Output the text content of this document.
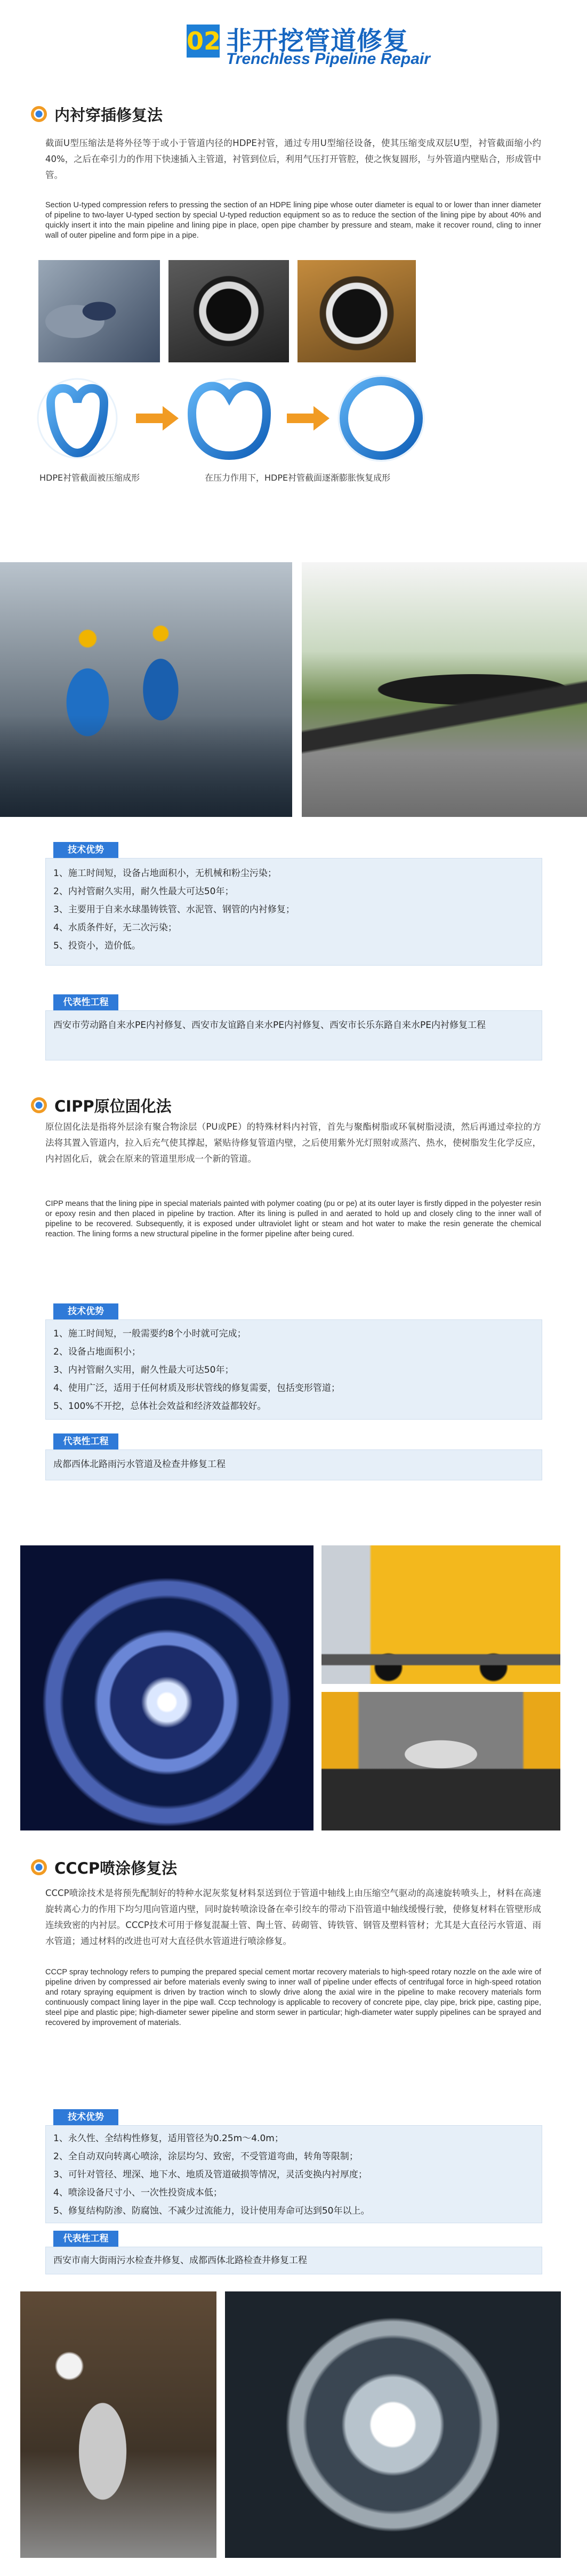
02 非开挖管道修复
Trenchless Pipeline Repair
内衬穿插修复法
截面U型压缩法是将外径等于或小于管道内径的HDPE衬管，通过专用U型缩径设备，使其压缩变成双层U型，衬管截面缩小约40%，之后在牵引力的作用下快速插入主管道，衬管到位后，利用气压打开管腔，使之恢复圆形，与外管道内壁贴合，形成管中管。
Section U-typed compression refers to pressing the section of an HDPE lining pipe whose outer diameter is equal to or lower than inner diameter of pipeline to two-layer U-typed section by special U-typed reduction equipment so as to reduce the section of the lining pipe by about 40% and quickly insert it into the main pipeline and lining pipe in place, open pipe chamber by pressure and steam, make it recover round, cling to inner wall of outer pipeline and form pipe in a pipe.
HDPE衬管截面被压缩成形	在压力作用下，HDPE衬管截面逐渐膨胀恢复成形
技术优势
1、施工时间短，设备占地面积小，无机械和粉尘污染；
2、内衬管耐久实用，耐久性最大可达50年；
3、主要用于自来水球墨铸铁管、水泥管、钢管的内衬修复；
4、水质条件好，无二次污染；
5、投资小，造价低。
代表性工程
西安市劳动路自来水PE内衬修复、西安市友谊路自来水PE内衬修复、西安市长乐东路自来水PE内衬修复工程
CIPP原位固化法
原位固化法是指将外层涂有聚合物涂层（PU或PE）的特殊材料内衬管，首先与聚酯树脂或环氧树脂浸渍，然后再通过牵拉的方法将其置入管道内，拉入后充气使其撑起，紧贴待修复管道内壁，之后使用紫外光灯照射或蒸汽、热水，使树脂发生化学反应，内衬固化后，就会在原来的管道里形成一个新的管道。
CIPP means that the lining pipe in special materials painted with polymer coating (pu or pe) at its outer layer is firstly dipped in the polyester resin or epoxy resin and then placed in pipeline by traction. After its lining is pulled in and aerated to hold up and closely cling to the inner wall of pipeline to be recovered. Subsequently, it is exposed under ultraviolet light or steam and hot water to make the resin generate the chemical reaction. The lining forms a new structural pipeline in the former pipeline after being cured.
技术优势
1、施工时间短，一般需要约8个小时就可完成；
2、设备占地面积小；
3、内衬管耐久实用，耐久性最大可达50年；
4、使用广泛，适用于任何材质及形状管线的修复需要，包括变形管道；
5、100%不开挖，总体社会效益和经济效益都较好。
代表性工程
成都西体北路雨污水管道及检查井修复工程
CCCP喷涂修复法
CCCP喷涂技术是将预先配制好的特种水泥灰浆复材料泵送到位于管道中轴线上由压缩空气驱动的高速旋转喷头上，材料在高速旋转离心力的作用下均匀甩向管道内壁，同时旋转喷涂设备在牵引绞车的带动下沿管道中轴线缓慢行驶，使修复材料在管壁形成连续致密的内衬层。CCCP技术可用于修复混凝土管、陶土管、砖砌管、铸铁管、钢管及塑料管材；尤其是大直径污水管道、雨水管道；通过材料的改进也可对大直径供水管道进行喷涂修复。
CCCP spray technology refers to pumping the prepared special cement mortar recovery materials to high-speed rotary nozzle on the axle wire of pipeline driven by compressed air before materials evenly swing to inner wall of pipeline under effects of centrifugal force in high-speed rotation and rotary spraying equipment is driven by traction winch to slowly drive along the axial wire in the pipeline to make recovery materials form continuously compact lining layer in the pipe wall. Cccp technology is applicable to recovery of concrete pipe, clay pipe, brick pipe, casting pipe, steel pipe and plastic pipe; high-diameter sewer pipeline and storm sewer in particular; high-diameter water supply pipelines can be sprayed and recovered by improvement of materials.
技术优势
1、永久性、全结构性修复，适用管径为0.25m～4.0m；
2、全自动双向转离心喷涂，涂层均匀、致密，不受管道弯曲，转角等限制；
3、可针对管径、埋深、地下水、地质及管道破损等情况，灵活变换内衬厚度；
4、喷涂设备尺寸小、一次性投资成本低；
5、修复结构防渗、防腐蚀、不减少过流能力，设计使用寿命可达到50年以上。
代表性工程
西安市南大街雨污水检查井修复、成都西体北路检查井修复工程
